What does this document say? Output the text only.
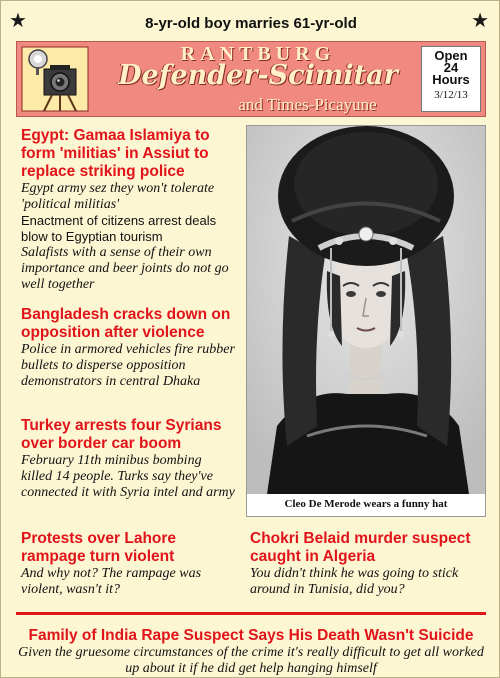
★	8-yr-old boy marries 61-yr-old	★
RANTBURG
Defender-Scimitar
and Times-Picayune
Open
24
Hours
3/12/13
Egypt: Gamaa Islamiya to form 'militias' in Assiut to replace striking police
Egypt army sez they won't tolerate 'political militias'
Enactment of citizens arrest deals blow to Egyptian tourism
Salafists with a sense of their own importance and beer joints do not go well together
Bangladesh cracks down on opposition after violence
Police in armored vehicles fire rubber bullets to disperse opposition demonstrators in central Dhaka
Turkey arrests four Syrians over border car boom
February 11th minibus bombing killed 14 people. Turks say they've connected it with Syria intel and army
Cleo De Merode wears a funny hat
Protests over Lahore rampage turn violent
And why not? The rampage was violent, wasn't it?
Chokri Belaid murder suspect caught in Algeria
You didn't think he was going to stick around in Tunisia, did you?
Family of India Rape Suspect Says His Death Wasn't Suicide
Given the gruesome circumstances of the crime it's really difficult to get all worked up about it if he did get help hanging himself
